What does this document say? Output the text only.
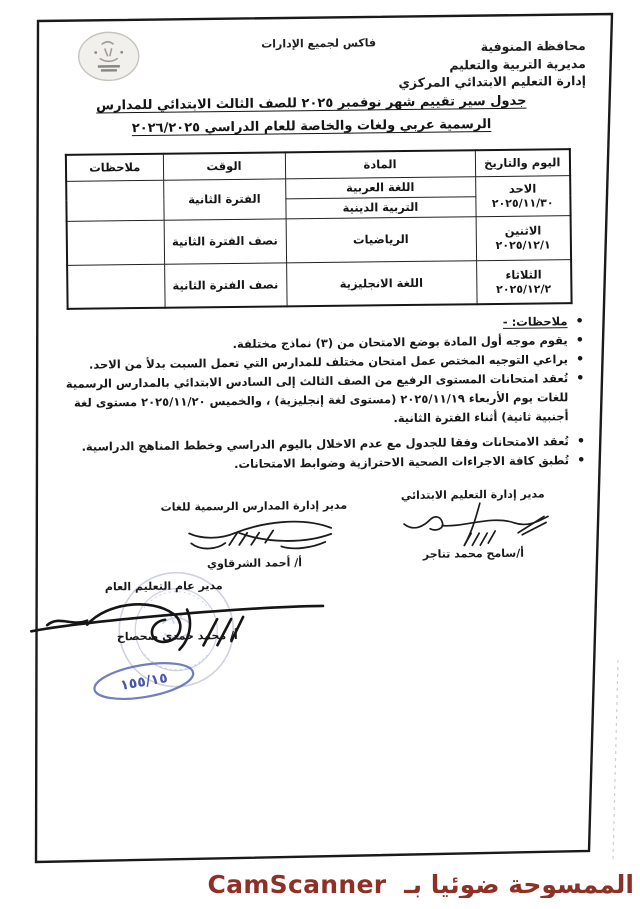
فاكس لجميع الإدارات	محافظة المنوفية
مديرية التربية والتعليم
إدارة التعليم الابتدائي المركزي
جدول سير تقييم شهر نوفمبر ٢٠٢٥ للصف الثالث الابتدائي للمدارس
الرسمية عربي ولغات والخاصة للعام الدراسي ٢٠٢٦/٢٠٢٥
اليوم والتاريخ	المادة	الوقت	ملاحظات

الاحد
٢٠٢٥/١١/٣٠	اللغة العربية	الفترة الثانية	
	التربية الدينية		

الاثنين
٢٠٢٥/١٢/١	الرياضيات	نصف الفترة الثانية	

الثلاثاء
٢٠٢٥/١٢/٢	اللغة الانجليزية	نصف الفترة الثانية	
•
ملاحظات: -
•
يقوم موجه أول المادة بوضع الامتحان من (٣) نماذج مختلفة.
•
يراعي التوجيه المختص عمل امتحان مختلف للمدارس التي تعمل السبت بدلأ من الاحد.
•
تُعقد امتحانات المستوى الرفيع من الصف الثالث إلى السادس الابتدائي بالمدارس الرسمية للغات يوم الأربعاء ٢٠٢٥/١١/١٩ (مستوى لغة إنجليزية) ، والخميس ٢٠٢٥/١١/٢٠ مستوى لغة أجنبية ثانية) أثناء الفترة الثانية.
•
تُعقد الامتحانات وفقا للجدول مع عدم الاخلال باليوم الدراسي وخطط المناهج الدراسية.
•
تُطبق كافة الاجراءات الصحية الاحترازية وضوابط الامتحانات.
مدير إدارة التعليم الابتدائي
أ/سامح محمد تناجر
مدير إدارة المدارس الرسمية للغات
أ/ أحمد الشرقاوي
مدير عام التعليم العام
أ/ محمد حمدي صحصاح
١٥٥/١٥
الممسوحة ضوئيا بـ CamScanner
